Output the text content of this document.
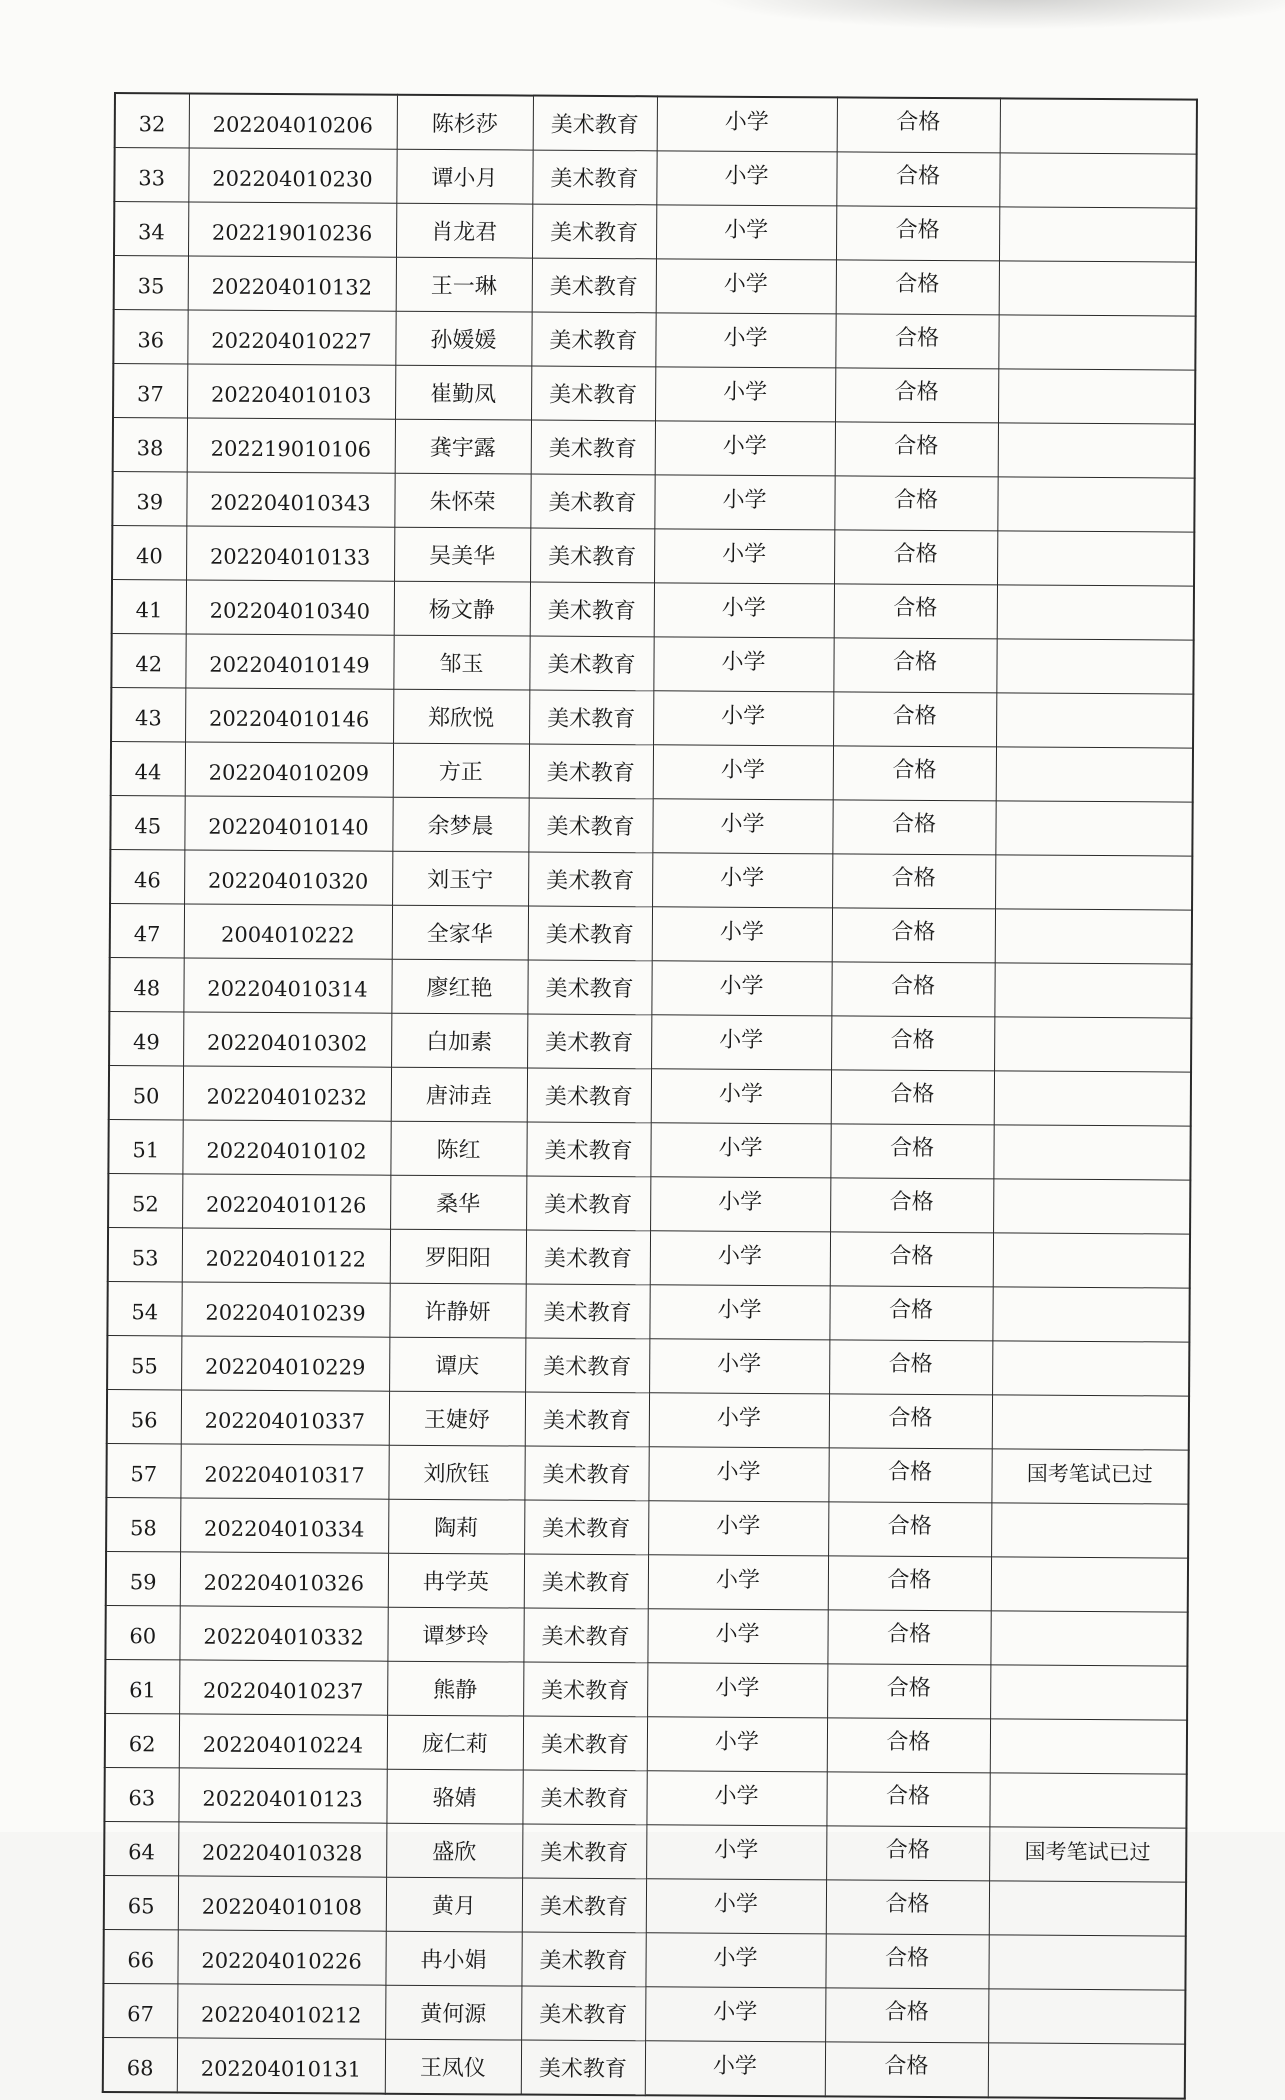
32	202204010206	陈杉莎	美术教育	小学	合格	
33	202204010230	谭小月	美术教育	小学	合格	
34	202219010236	肖龙君	美术教育	小学	合格	
35	202204010132	王一琳	美术教育	小学	合格	
36	202204010227	孙媛媛	美术教育	小学	合格	
37	202204010103	崔勤凤	美术教育	小学	合格	
38	202219010106	龚宇露	美术教育	小学	合格	
39	202204010343	朱怀荣	美术教育	小学	合格	
40	202204010133	吴美华	美术教育	小学	合格	
41	202204010340	杨文静	美术教育	小学	合格	
42	202204010149	邹玉	美术教育	小学	合格	
43	202204010146	郑欣悦	美术教育	小学	合格	
44	202204010209	方正	美术教育	小学	合格	
45	202204010140	余梦晨	美术教育	小学	合格	
46	202204010320	刘玉宁	美术教育	小学	合格	
47	2004010222	全家华	美术教育	小学	合格	
48	202204010314	廖红艳	美术教育	小学	合格	
49	202204010302	白加素	美术教育	小学	合格	
50	202204010232	唐沛垚	美术教育	小学	合格	
51	202204010102	陈红	美术教育	小学	合格	
52	202204010126	桑华	美术教育	小学	合格	
53	202204010122	罗阳阳	美术教育	小学	合格	
54	202204010239	许静妍	美术教育	小学	合格	
55	202204010229	谭庆	美术教育	小学	合格	
56	202204010337	王婕妤	美术教育	小学	合格	
57	202204010317	刘欣钰	美术教育	小学	合格	国考笔试已过
58	202204010334	陶莉	美术教育	小学	合格	
59	202204010326	冉学英	美术教育	小学	合格	
60	202204010332	谭梦玲	美术教育	小学	合格	
61	202204010237	熊静	美术教育	小学	合格	
62	202204010224	庞仁莉	美术教育	小学	合格	
63	202204010123	骆婧	美术教育	小学	合格	
64	202204010328	盛欣	美术教育	小学	合格	国考笔试已过
65	202204010108	黄月	美术教育	小学	合格	
66	202204010226	冉小娟	美术教育	小学	合格	
67	202204010212	黄何源	美术教育	小学	合格	
68	202204010131	王凤仪	美术教育	小学	合格	
